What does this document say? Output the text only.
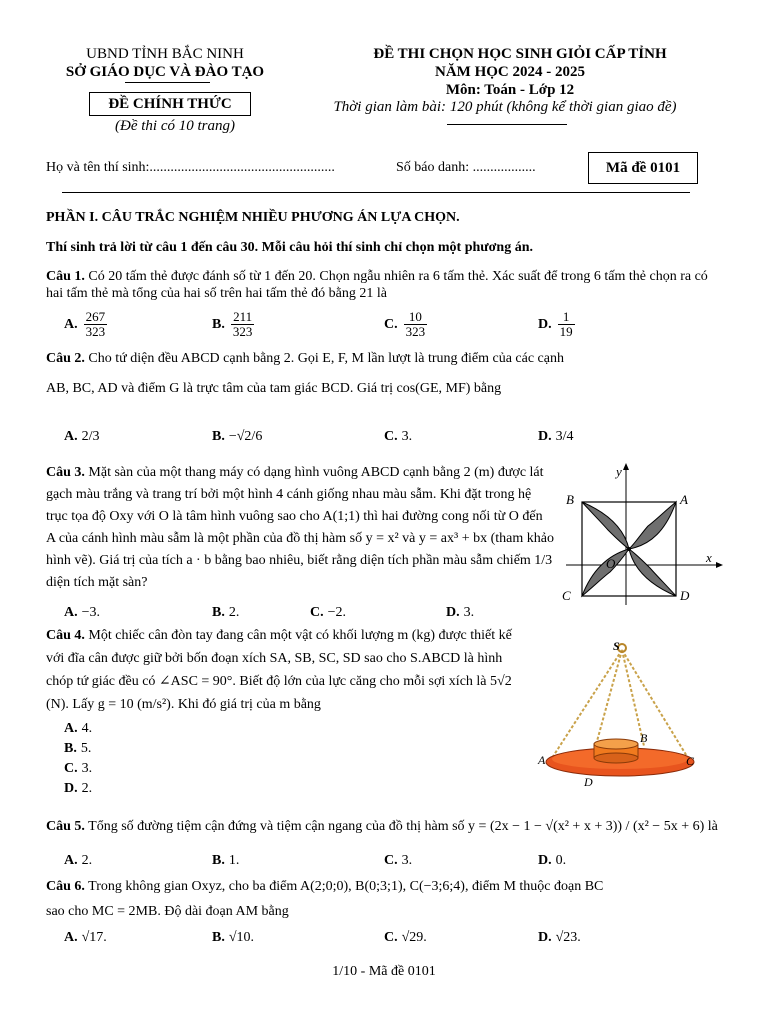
UBND TỈNH BẮC NINH
SỞ GIÁO DỤC VÀ ĐÀO TẠO
ĐỀ CHÍNH THỨC
(Đề thi có 10 trang)
ĐỀ THI CHỌN HỌC SINH GIỎI CẤP TỈNH
NĂM HỌC 2024 - 2025
Môn: Toán - Lớp 12
Thời gian làm bài: 120 phút (không kể thời gian giao đề)
Họ và tên thí sinh:.....................................................	Số báo danh: ..................	Mã đề 0101
PHẦN I. CÂU TRẮC NGHIỆM NHIỀU PHƯƠNG ÁN LỰA CHỌN.
Thí sinh trả lời từ câu 1 đến câu 30. Mỗi câu hỏi thí sinh chỉ chọn một phương án.
Câu 1. Có 20 tấm thẻ được đánh số từ 1 đến 20. Chọn ngẫu nhiên ra 6 tấm thẻ. Xác suất để trong 6 tấm thẻ chọn ra có hai tấm thẻ mà tổng của hai số trên hai tấm thẻ đó bằng 21 là
A. $\frac{267}{323}$	B. $\frac{211}{323}$	C. $\frac{10}{323}$	D. $\frac{1}{19}$
Câu 2. Cho tứ diện đều ABCD cạnh bằng 2. Gọi E, F, M lần lượt là trung điểm của các cạnh
AB, BC, AD và điểm G là trực tâm của tam giác BCD. Giá trị cos(GE, MF) bằng
A. 2/3	B. −√2/6	C. 3.	D. 3/4
Câu 3. Mặt sàn của một thang máy có dạng hình vuông ABCD cạnh bằng 2 (m) được lát gạch màu trắng và trang trí bởi một hình 4 cánh giống nhau màu sẫm. Khi đặt trong hệ trục tọa độ Oxy với O là tâm hình vuông sao cho A(1;1) thì hai đường cong nối từ O đến A của cánh hình màu sẫm là một phần của đồ thị hàm số y = x² và y = ax³ + bx (tham khảo hình vẽ). Giá trị của tích a · b bằng bao nhiêu, biết rằng diện tích phần màu sẫm chiếm 1/3 diện tích mặt sàn?
A. −3.	B. 2.	C. −2.	D. 3.
y
x
O
A
B
C	D
Câu 4. Một chiếc cân đòn tay đang cân một vật có khối lượng m (kg) được thiết kế với đĩa cân được giữ bởi bốn đoạn xích SA, SB, SC, SD sao cho S.ABCD là hình chóp tứ giác đều có ∠ASC = 90°. Biết độ lớn của lực căng cho mỗi sợi xích là 5√2 (N). Lấy g = 10 (m/s²). Khi đó giá trị của m bằng
A. 4.
B. 5.
C. 3.
D. 2.
S
A
B
C
D
Câu 5. Tổng số đường tiệm cận đứng và tiệm cận ngang của đồ thị hàm số y = (2x − 1 − √(x² + x + 3)) / (x² − 5x + 6) là
A. 2.	B. 1.	C. 3.	D. 0.
Câu 6. Trong không gian Oxyz, cho ba điểm A(2;0;0), B(0;3;1), C(−3;6;4), điểm M thuộc đoạn BC
sao cho MC = 2MB. Độ dài đoạn AM bằng
A. √17.	B. √10.	C. √29.	D. √23.
1/10 - Mã đề 0101
